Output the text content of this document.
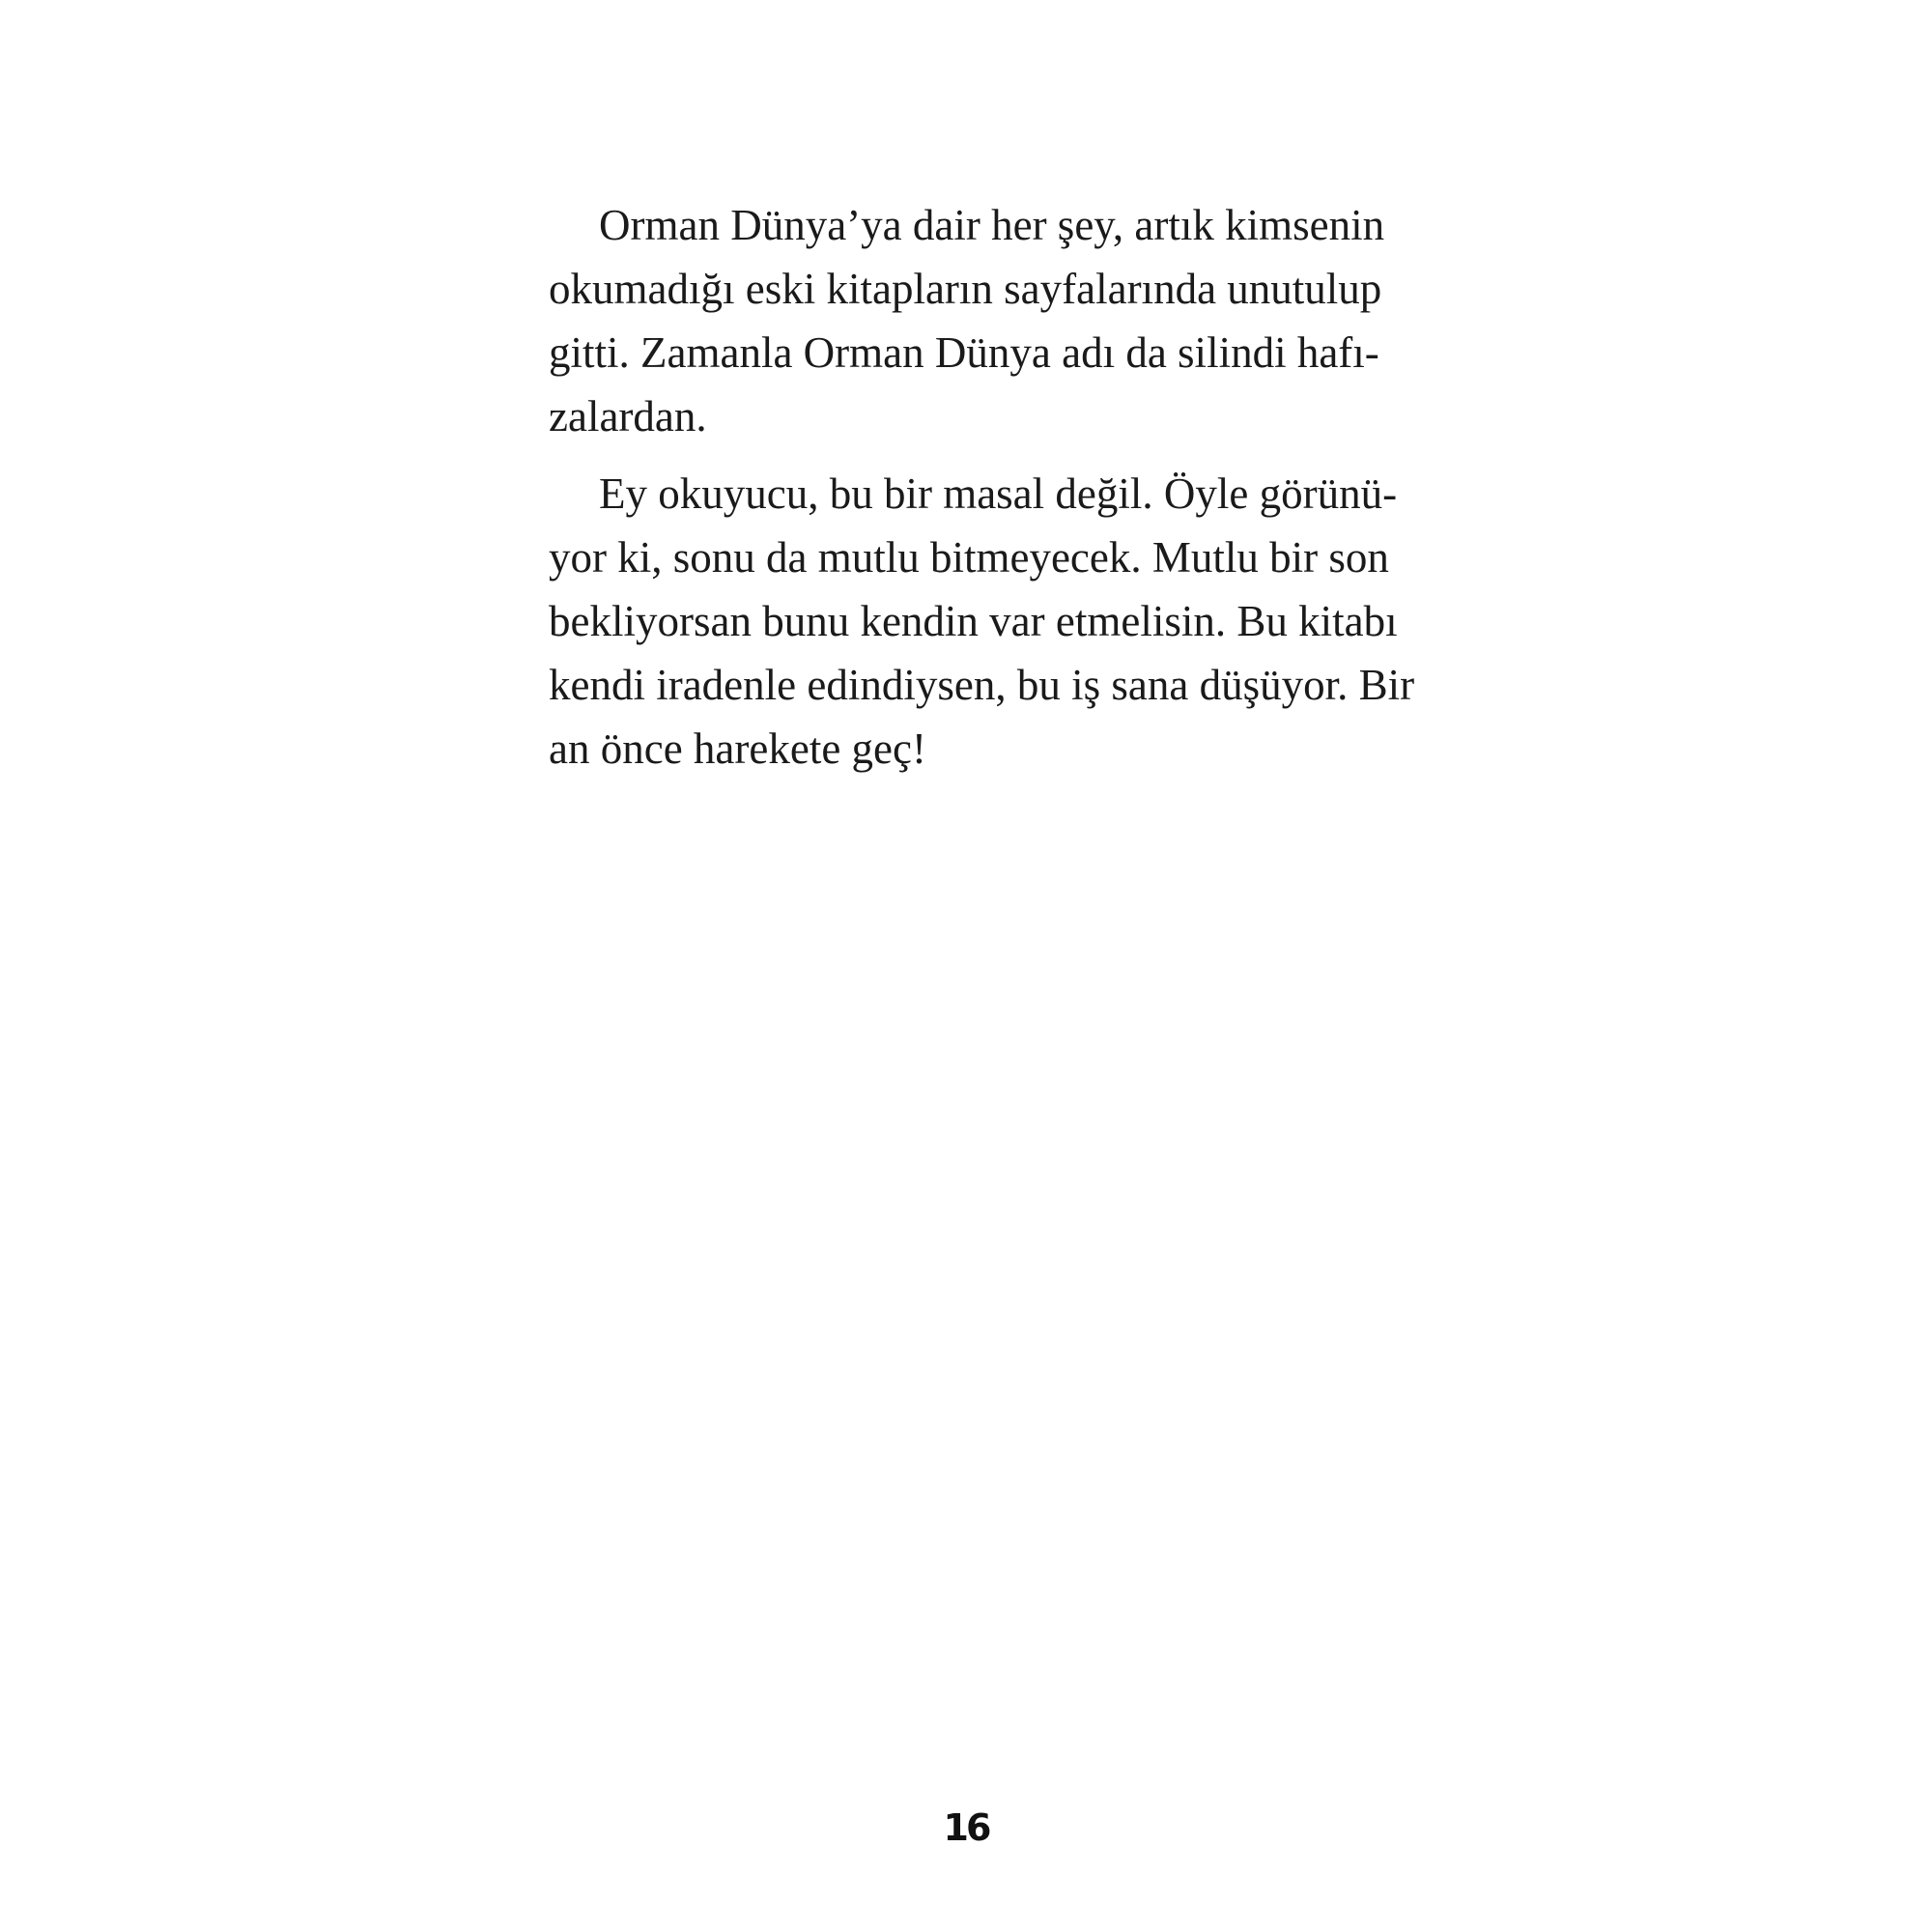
Orman Dünya’ya dair her şey, artık kimsenin
okumadığı eski kitapların sayfalarında unutulup
gitti. Zamanla Orman Dünya adı da silindi hafı-
zalardan.
Ey okuyucu, bu bir masal değil. Öyle görünü-
yor ki, sonu da mutlu bitmeyecek. Mutlu bir son
bekliyorsan bunu kendin var etmelisin. Bu kitabı
kendi iradenle edindiysen, bu iş sana düşüyor. Bir
an önce harekete geç!
16
